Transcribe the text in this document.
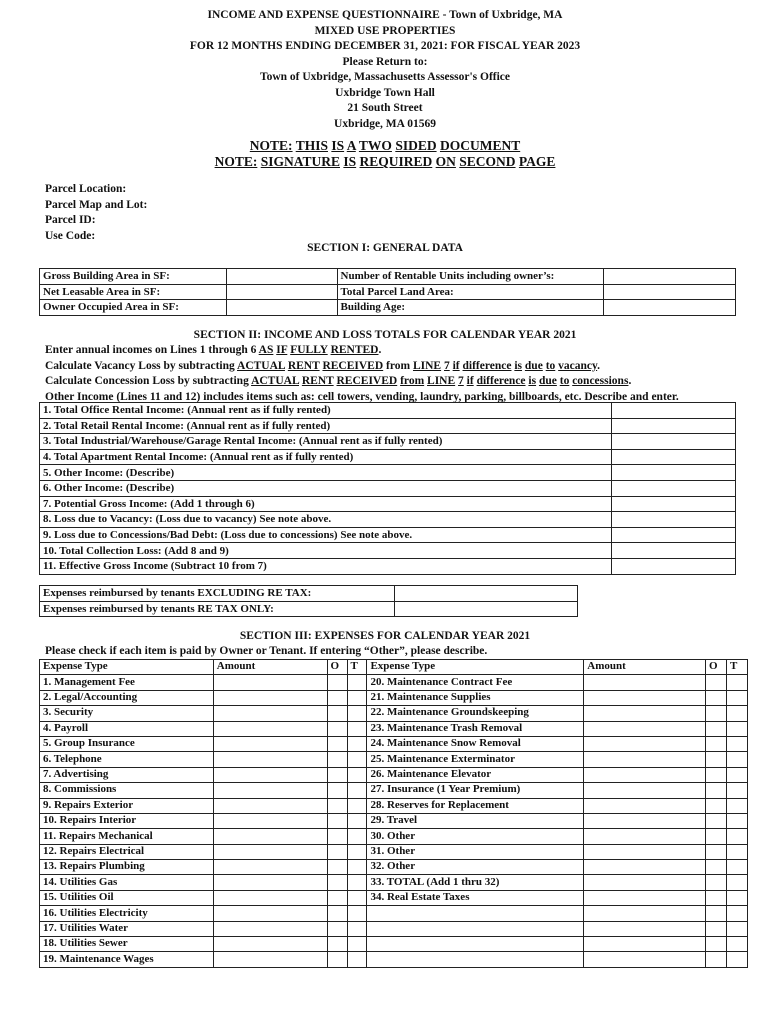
INCOME AND EXPENSE QUESTIONNAIRE - Town of Uxbridge, MA
MIXED USE PROPERTIES
FOR 12 MONTHS ENDING DECEMBER 31, 2021: FOR FISCAL YEAR 2023
Please Return to:
Town of Uxbridge, Massachusetts Assessor's Office
Uxbridge Town Hall
21 South Street
Uxbridge, MA 01569
NOTE: THIS IS A TWO SIDED DOCUMENT
NOTE: SIGNATURE IS REQUIRED ON SECOND PAGE
Parcel Location:
Parcel Map and Lot:
Parcel ID:
Use Code:
SECTION I: GENERAL DATA
Gross Building Area in SF:		Number of Rentable Units including owner’s:	
Net Leasable Area in SF:		Total Parcel Land Area:	
Owner Occupied Area in SF:		Building Age:	
SECTION II: INCOME AND LOSS TOTALS FOR CALENDAR YEAR 2021
Enter annual incomes on Lines 1 through 6 AS IF FULLY RENTED.
Calculate Vacancy Loss by subtracting ACTUAL RENT RECEIVED from LINE 7 if difference is due to vacancy.
Calculate Concession Loss by subtracting ACTUAL RENT RECEIVED from LINE 7 if difference is due to concessions.
Other Income (Lines 11 and 12) includes items such as: cell towers, vending, laundry, parking, billboards, etc. Describe and enter.
1. Total Office Rental Income: (Annual rent as if fully rented)	
2. Total Retail Rental Income: (Annual rent as if fully rented)	
3. Total Industrial/Warehouse/Garage Rental Income: (Annual rent as if fully rented)	
4. Total Apartment Rental Income: (Annual rent as if fully rented)	
5. Other Income: (Describe)	
6. Other Income: (Describe)	
7. Potential Gross Income: (Add 1 through 6)	
8. Loss due to Vacancy: (Loss due to vacancy) See note above.	
9. Loss due to Concessions/Bad Debt: (Loss due to concessions) See note above.	
10. Total Collection Loss: (Add 8 and 9)	
11. Effective Gross Income (Subtract 10 from 7)	
Expenses reimbursed by tenants EXCLUDING RE TAX:	
Expenses reimbursed by tenants RE TAX ONLY:	
SECTION III: EXPENSES FOR CALENDAR YEAR 2021
Please check if each item is paid by Owner or Tenant. If entering “Other”, please describe.
Expense Type	Amount	O	T	Expense Type	Amount	O	T
1. Management Fee				20. Maintenance Contract Fee			
2. Legal/Accounting				21. Maintenance Supplies			
3. Security				22. Maintenance Groundskeeping			
4. Payroll				23. Maintenance Trash Removal			
5. Group Insurance				24. Maintenance Snow Removal			
6. Telephone				25. Maintenance Exterminator			
7. Advertising				26. Maintenance Elevator			
8. Commissions				27. Insurance (1 Year Premium)			
9. Repairs Exterior				28. Reserves for Replacement			
10. Repairs Interior				29. Travel			
11. Repairs Mechanical				30. Other			
12. Repairs Electrical				31. Other			
13. Repairs Plumbing				32. Other			
14. Utilities Gas				33. TOTAL (Add 1 thru 32)			
15. Utilities Oil				34. Real Estate Taxes			
16. Utilities Electricity							
17. Utilities Water							
18. Utilities Sewer							
19. Maintenance Wages							
